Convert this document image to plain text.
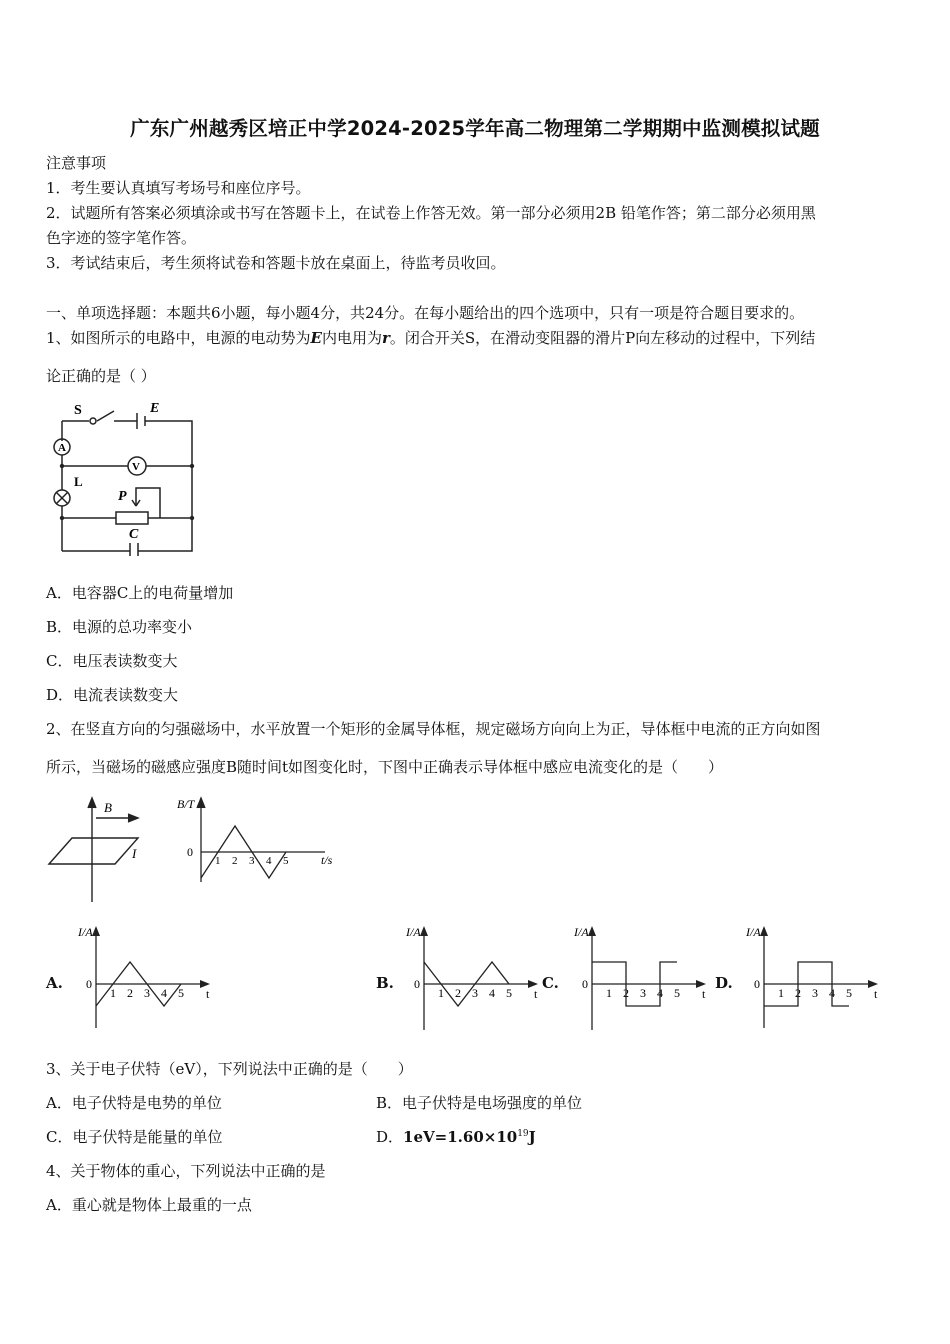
广东广州越秀区培正中学2024-2025学年高二物理第二学期期中监测模拟试题
注意事项
1．考生要认真填写考场号和座位序号。
2．试题所有答案必须填涂或书写在答题卡上，在试卷上作答无效。第一部分必须用2B 铅笔作答；第二部分必须用黑
色字迹的签字笔作答。
3．考试结束后，考生须将试卷和答题卡放在桌面上，待监考员收回。
一、单项选择题：本题共6小题，每小题4分，共24分。在每小题给出的四个选项中，只有一项是符合题目要求的。
1、如图所示的电路中，电源的电动势为E内电用为r。闭合开关S，在滑动变阻器的滑片P向左移动的过程中，下列结
论正确的是（ ）
S	E
A
V
L
P
C
A．电容器C上的电荷量增加
B．电源的总功率变小
C．电压表读数变大
D．电流表读数变大
2、在竖直方向的匀强磁场中，水平放置一个矩形的金属导体框，规定磁场方向向上为正，导体框中电流的正方向如图
所示，当磁场的磁感应强度B随时间t如图变化时，下图中正确表示导体框中感应电流变化的是（　　）
B
I
B/T
0
t/s
1 2 3 4 5
A.	B.	C.	D.
I/A
0
t
1 2 3 4 5
I/A
0
t
1 2 3 4 5
I/A
0
t
1 2 3 4 5
I/A
0
t
1 2 3 4 5
3、关于电子伏特（eV），下列说法中正确的是（　　）
A．电子伏特是电势的单位	B．电子伏特是电场强度的单位
C．电子伏特是能量的单位	D．$1eV=1.60\times 10^{19}J$
4、关于物体的重心，下列说法中正确的是
A．重心就是物体上最重的一点
